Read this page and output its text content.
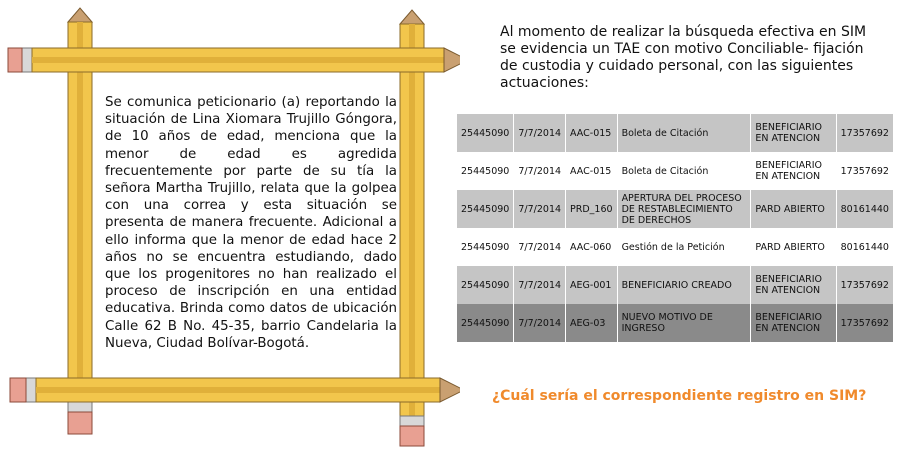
Se comunica peticionario (a) reportando la situación de Lina Xiomara Trujillo Góngora, de 10 años de edad, menciona que la menor de edad es agredida frecuentemente por parte de su tía la señora Martha Trujillo, relata que la golpea con una correa y esta situación se presenta de manera frecuente. Adicional a ello informa que la menor de edad hace 2 años no se encuentra estudiando, dado que los progenitores no han realizado el proceso de inscripción en una entidad educativa. Brinda como datos de ubicación Calle 62 B No. 45-35, barrio Candelaria la Nueva, Ciudad Bolívar-Bogotá.
Al momento de realizar la búsqueda efectiva en SIM se evidencia un TAE con motivo Conciliable- fijación de custodia y cuidado personal, con las siguientes actuaciones:
25445090	7/7/2014	AAC-015	Boleta de Citación	BENEFICIARIO EN ATENCION	17357692
25445090	7/7/2014	AAC-015	Boleta de Citación	BENEFICIARIO EN ATENCION	17357692
25445090	7/7/2014	PRD_160	APERTURA DEL PROCESO DE RESTABLECIMIENTO DE DERECHOS	PARD ABIERTO	80161440
25445090	7/7/2014	AAC-060	Gestión de la Petición	PARD ABIERTO	80161440
25445090	7/7/2014	AEG-001	BENEFICIARIO CREADO	BENEFICIARIO EN ATENCION	17357692
25445090	7/7/2014	AEG-03	NUEVO MOTIVO DE INGRESO	BENEFICIARIO EN ATENCION	17357692
¿Cuál sería el correspondiente registro en SIM?
